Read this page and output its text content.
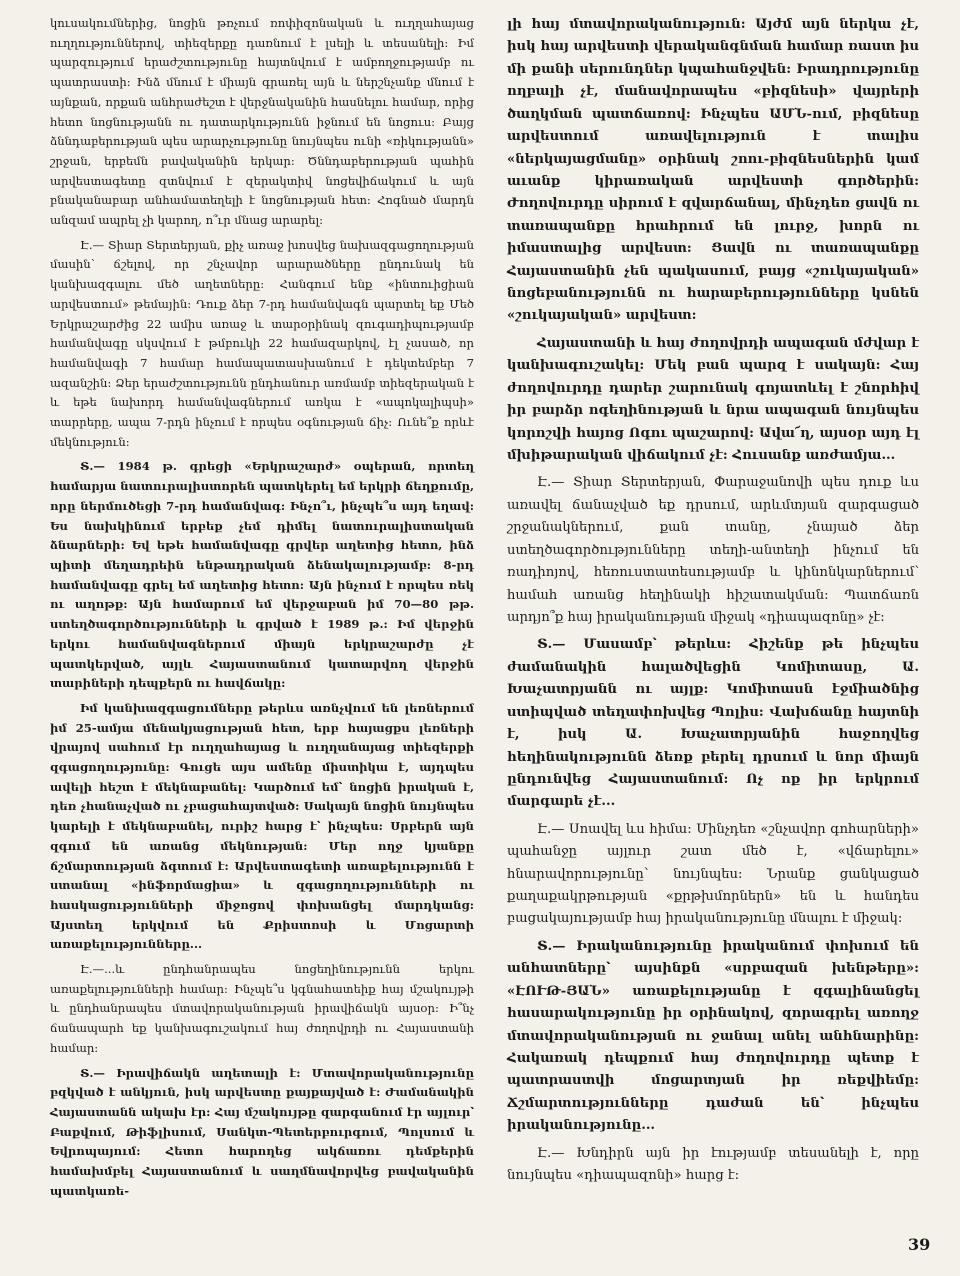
կուսակումներից, նոցին թռչում ռոփիզոնական և ուղղահայաց ուղղություններով, տիեզերքը դառնում է լսելի և տեսանելի: Իմ պարզությում երաժշտությունը հայտնվում է ամբողջությամբ ու պատրաստի: Ինձ մնում է միայն գրառել այն և ներշնչանք մնում է այնքան, որքան անհրաժեշտ է վերջնականին հասնելու համար, որից հետո նոցնությանն ու դատարկությունն իջնում են նոցուս: Բայց ձննդաբերության պես արարչությունը նույնպես ունի «ռիկությանն» շրջան, երբեմն բավականին երկար: Ծննդաբերության պահին արվեստագետը զտնվում է զերակտիվ նոցեվիճակում և այն բնականաբար անհամատեղելի է նոցնության հետ: Հոգնած մարդն անզամ ապրել չի կարող, ո՞ւր մնաց արարել:

Է.— Տիար Տերտերյան, քիչ առաջ խոսվեց նախազգացողության մասին՝ ճշելով, որ շնչավոր արարածները ընդունակ են կանխազգալու մեծ աղետները: Հանգում ենք «ինտուիցիան արվեստում» թեմային: Դուք ձեր 7-րդ համանվագն պարտել եք Մեծ Երկրաշարժից 22 ամիս առաջ և տարօրինակ զուգադիպությամբ համանվագը սկսվում է թմբուկի 22 համազարկով, էլ չասած, որ համանվագի 7 համար համապատասխանում է դեկտեմբեր 7 ազանշին: Ձեր երաժշտությունն ընդհանուր առմամբ տիեզերական է և եթե նախորդ համանվագներում առկա է «ապոկալիպսի» տարրերը, ապա 7-րդն ինչում է որպես օգնության ճիչ: Ունե՞ք որևէ մեկնություն:

Տ.— 1984 թ. գրեցի «Երկրաշարժ» օպերան, որտեղ համարյա նատուրալիստորեն պատկերել եմ երկրի ճեղքումը, որը ներմուծեցի 7-րդ համանվագ: Ինչո՞ւ, ինչպե՞ս այդ եղավ: Ես նախկինում երբեք չեմ դիմել նատուրալիստական ձնարների: Եվ եթե համանվագը գրվեր աղետից հետո, ինձ պիտի մեղադրեին ենթադրական ձենակալությամբ: 8-րդ համանվագը գրել եմ աղետից հետո: Այն ինչում է որպես ռեկ ու աղոթք: Այն համարում եմ վերջաբան իմ 70—80 թթ. ստեղծագործությունների և գրված է 1989 թ.: Իմ վերջին երկու համանվագներում միայն երկրաշարժը չէ պատկերված, այլև Հայաստանում կատարվող վերջին տարիների դեպքերն ու հավճակը:

Իմ կանխազգացումները թերևս առնչվում են լեռներում իմ 25-ամյա մենակյացության հետ, երբ հայացքս լեռների վրայով սահում էր ուղղահայաց և ուղղանայաց տիեզերքի զգացողությունը: Գուցե այս ամենը միստիկա է, այդպես ավելի հեշտ է մեկնաբանել: Կարծում եմ՝ նոցին իրական է, դեռ չհանաչված ու չբացահայտված: Սակայն նոցին նույնպես կարելի է մեկնաբանել, ուրիշ հարց է՝ ինչպես: Սրբերն այն զգում են առանց մեկնության: Մեր ողջ կյանքը ճշմարտության ձգտում է: Արվեստագետի առաքելությունն է ստանալ «ինֆորմացիա» և զգացողությունների ու հասկացությունների միջոցով փոխանցել մարդկանց: Այստեղ երկվում են Քրիստոսի և Մոցարտի առաքելությունները...

Է.—...և ընդհանրապես նոցեղինությունն երկու առաքելությունների համար: Ինչպե՞ս կգնահատեիք հայ մշակույթի և ընդհանրապես մտավորականության իրավիճակն այսօր: Ի՞նչ ճանապարհ եք կանխագուշակում հայ ժողովրդի ու Հայաստանի համար:

Տ.— Իրավիճակն աղետալի է: Մտավորականությունը բզկված է անկյուն, իսկ արվեստը քայքայված է: Ժամանակին Հայաստանն ակախ էր: Հայ մշակույթը զարգանում էր այլուր՝ Բաքվում, Թիֆլիսում, Սանկտ-Պետերբուրգում, Պոլսում և Եվրոպայում: Հետո հարողեց ակճառու դեմքերին համախմբել Հայաստանում և սաղմնավորվեց բավականին պատկառե-

լի հայ մտավորականություն: Այժմ այն ներկա չէ, իսկ հայ արվեստի վերականգնման համար ռաստ իս մի քանի սերունդներ կպահանջվեն: Իրադրությունը ողբալի չէ, մանավորապես «բիզնեսի» վայրերի ծաղկման պատճառով: Ինչպես ԱՄՆ-ում, բիզնեսը արվեստում առավելություն է տալիս «ներկայացմանը» օրինակ շոու-բիզնեսներին կամ աւանք կիրառական արվեստի գործերին: Ժողովուրդը սիրում է զվարճանալ, մինչդեռ ցավն ու տառապանքը հրահրում են լուրջ, խորն ու իմաստալից արվեստ: Ցավն ու տառապանքը Հայաստանին չեն պակասում, բայց «շուկայական» նոցեբանությունն ու հարաբերությունները կսնեն «շուկայական» արվեստ:

Հայաստանի և հայ ժողովրդի ապագան մժվար է կանխագուշակել: Մեկ բան պարզ է սակայն: Հայ ժողովուրդը դարեր շարունակ գոյատևել է շնորհիվ իր բարձր ոգեղինության և նրա ապագան նույնպես կորոշվի հայոց Ոգու պաշարով: Ավա՜ղ, այսօր այդ էլ մխիթարական վիճակում չէ: Հուսանք առժամյա...

Է.— Տիար Տերտերյան, Փարաջանովի պես դուք ևս առավել ճանաչված եք դրսում, արևմտյան զարգացած շրջանակներում, քան տանը, չնայած ձեր ստեղծագործությունները տեղի-անտեղի ինչում են ռադիոյով, հեռուստատեսությամբ և կինոնկարներում՝ համահ առանց հեղինակի հիշատակման: Պատճառն արդյո՞ք հայ իրականության միջակ «դիապազոնը» չէ:

Տ.— Մասամբ՝ թերևս: Հիշենք թե ինչպես ժամանակին հալածվեցին Կոմիտասը, Ա. Խաչատրյանն ու այլք: Կոմիտասն էջմիածնից ստիպված տեղափոխվեց Պոլիս: Վախճանը հայտնի է, իսկ Ա. Խաչատրյանին հաջողվեց հեղինակությունն ձեռք բերել դրսում և նոր միայն ընդունվեց Հայաստանում: Ոչ ոք իր երկրում մարգարե չէ...

Է.— Սոավել ևս հիմա: Մինչդեռ «շնչավոր գոհարների» պահանջը այլուր շատ մեծ է, «վճարելու» հնարավորությունը՝ նույնպես: Նրանք ցանկացած քաղաքակրթության «քրթխմորներն» են և հանդես բացակայությամբ հայ իրականությունը մնալու է միջակ:

Տ.— Իրականությունը իրականում փոխում են անհատները՝ այսինքն «սրբազան խենթերը»: «ԷՈՒԹ-ՅԱՆ» առաքելությանը է զգալինանցել հասարակությունը իր օրինակով, զորագրել առողջ մտավորականության ու ջանալ անել անհնարինը: Հակառակ դեպքում հայ ժողովուրդը պետք է պատրաստվի մոցարտյան իր ռեքվիեմը: Ճշմարտությունները դաժան են՝ ինչպես իրականությունը...

Է.— Խնդիրն այն իր էությամբ տեսանելի է, որը նույնպես «դիապազոնի» հարց է:

39
